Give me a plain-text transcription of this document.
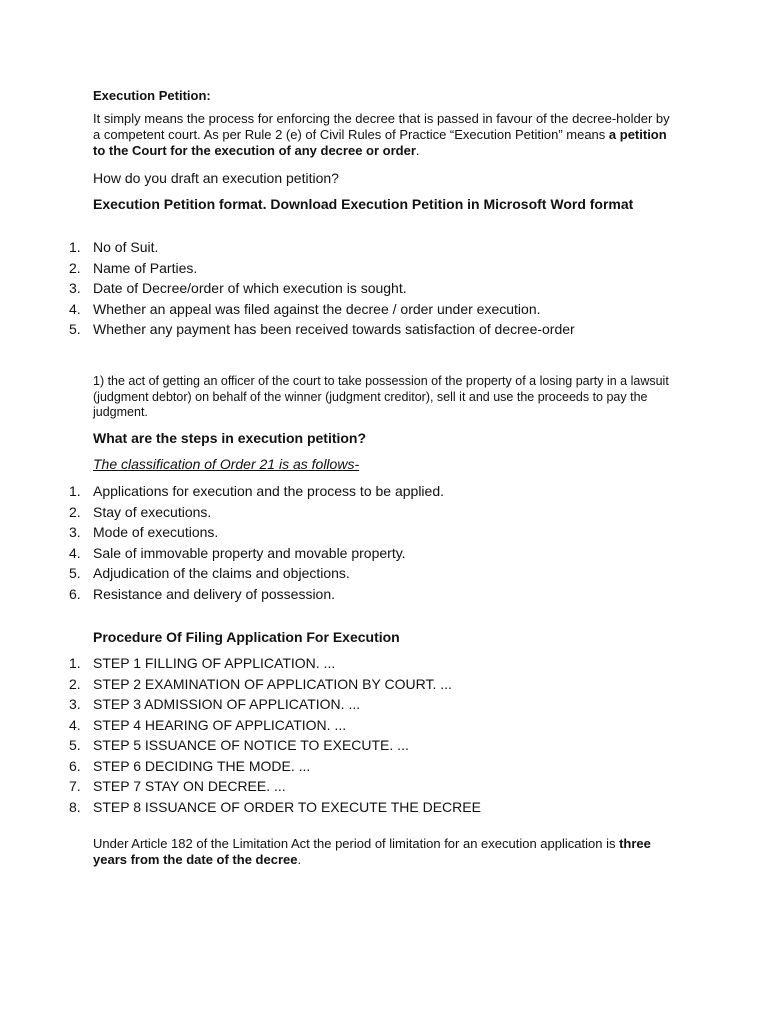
Execution Petition:
It simply means the process for enforcing the decree that is passed in favour of the decree-holder by a competent court. As per Rule 2 (e) of Civil Rules of Practice “Execution Petition” means a petition to the Court for the execution of any decree or order.
How do you draft an execution petition?
Execution Petition format. Download Execution Petition in Microsoft Word format
1. No of Suit.
2. Name of Parties.
3. Date of Decree/order of which execution is sought.
4. Whether an appeal was filed against the decree / order under execution.
5. Whether any payment has been received towards satisfaction of decree-order
1) the act of getting an officer of the court to take possession of the property of a losing party in a lawsuit (judgment debtor) on behalf of the winner (judgment creditor), sell it and use the proceeds to pay the judgment.
What are the steps in execution petition?
The classification of Order 21 is as follows-
1. Applications for execution and the process to be applied.
2. Stay of executions.
3. Mode of executions.
4. Sale of immovable property and movable property.
5. Adjudication of the claims and objections.
6. Resistance and delivery of possession.
Procedure Of Filing Application For Execution
1. STEP 1 FILLING OF APPLICATION. ...
2. STEP 2 EXAMINATION OF APPLICATION BY COURT. ...
3. STEP 3 ADMISSION OF APPLICATION. ...
4. STEP 4 HEARING OF APPLICATION. ...
5. STEP 5 ISSUANCE OF NOTICE TO EXECUTE. ...
6. STEP 6 DECIDING THE MODE. ...
7. STEP 7 STAY ON DECREE. ...
8. STEP 8 ISSUANCE OF ORDER TO EXECUTE THE DECREE
Under Article 182 of the Limitation Act the period of limitation for an execution application is three years from the date of the decree.
